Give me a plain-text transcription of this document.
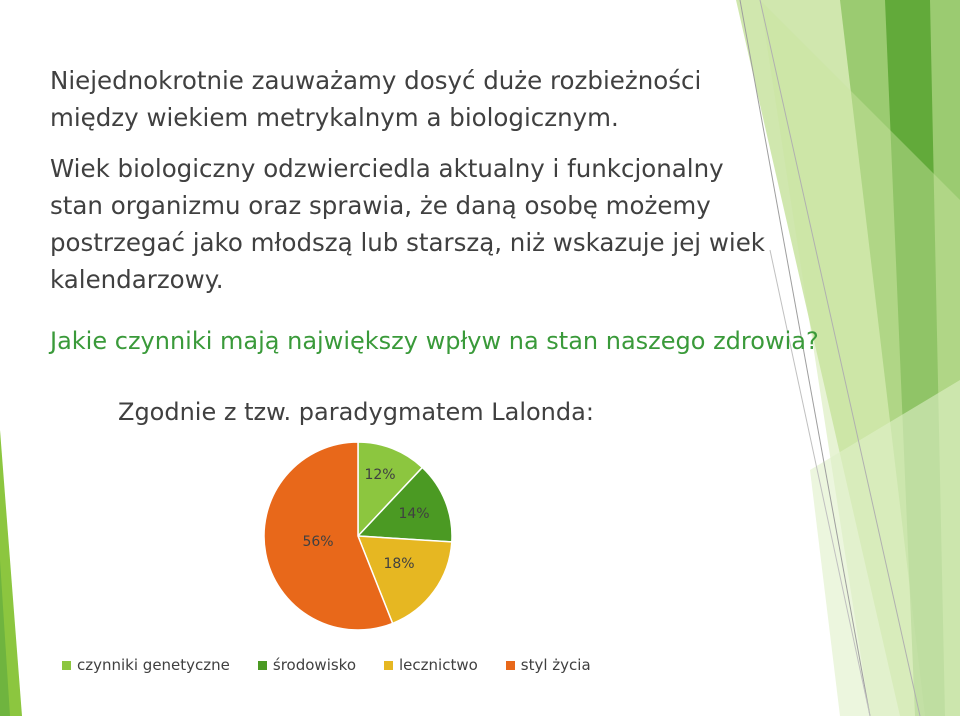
Niejednokrotnie zauważamy dosyć duże rozbieżności między wiekiem metrykalnym a biologicznym.

Wiek biologiczny odzwierciedla aktualny i funkcjonalny stan organizmu oraz sprawia, że daną osobę możemy postrzegać jako młodszą lub starszą, niż wskazuje jej wiek kalendarzowy.

Jakie czynniki mają największy wpływ na stan naszego zdrowia?

Zgodnie z tzw. paradygmatem Lalonda:

12%
14%
18%
56%
czynniki genetyczne	środowisko	lecznictwo	styl życia
